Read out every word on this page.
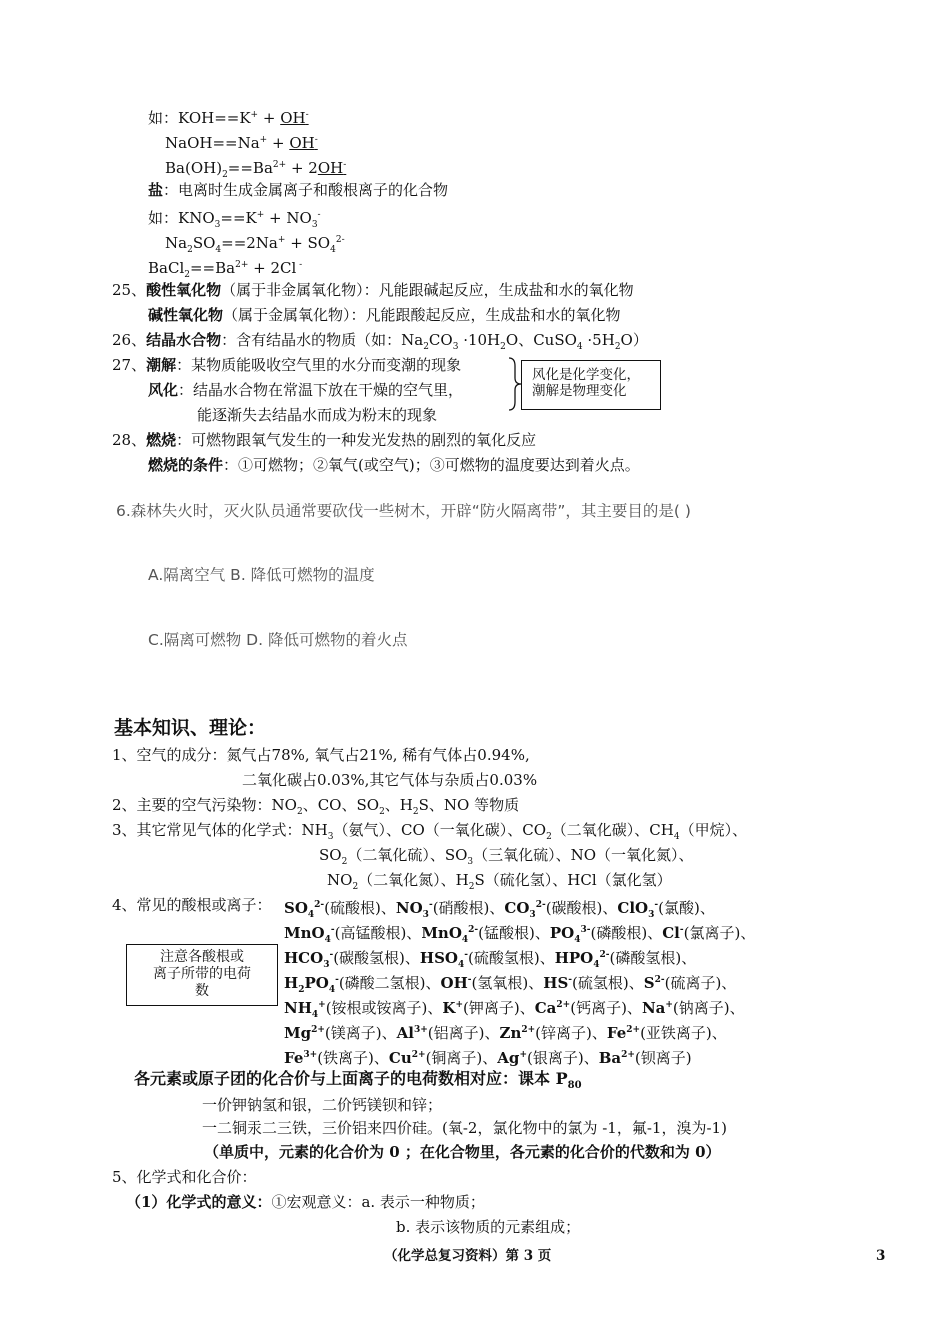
如：KOH==K+ + OH-
NaOH==Na+ + OH-
$Ba(OH)_2==Ba^{2+} + 2OH^-$
盐：电离时生成金属离子和酸根离子的化合物
如：$KNO_3==K^+ + NO_3^-$
$Na_2SO_4==2Na^+ + SO_4^{2-}$
$BaCl_2==Ba^{2+} + 2Cl$ -
25、酸性氧化物（属于非金属氧化物）：凡能跟碱起反应，生成盐和水的氧化物
碱性氧化物（属于金属氧化物）：凡能跟酸起反应，生成盐和水的氧化物
26、结晶水合物：含有结晶水的物质（如：$Na_2CO_3 \cdot 10H_2O$、CuSO$_4$ $\cdot 5H_2O$）
27、潮解：某物质能吸收空气里的水分而变潮的现象
风化：结晶水合物在常温下放在干燥的空气里，
能逐渐失去结晶水而成为粉末的现象
风化是化学变化，
潮解是物理变化
28、燃烧：可燃物跟氧气发生的一种发光发热的剧烈的氧化反应
燃烧的条件：①可燃物；②氧气(或空气)；③可燃物的温度要达到着火点。
6.森林失火时，灭火队员通常要砍伐一些树木，开辟“防火隔离带”，其主要目的是( )
A.隔离空气 B. 降低可燃物的温度
C.隔离可燃物 D. 降低可燃物的着火点
基本知识、理论：
1、空气的成分：氮气占78%, 氧气占21%, 稀有气体占0.94%,
二氧化碳占0.03%,其它气体与杂质占0.03%
2、主要的空气污染物：$NO_2$、CO、$SO_2$、$H_2S$、NO 等物质
3、其它常见气体的化学式：$NH_3$（氨气）、CO（一氧化碳）、$CO_2$（二氧化碳）、$CH_4$（甲烷）、
$SO_2$（二氧化硫）、$SO_3$（三氧化硫）、NO（一氧化氮）、
$NO_2$（二氧化氮）、$H_2S$（硫化氢）、HCl（氯化氢）
4、常见的酸根或离子： $SO_4^{2-}$(硫酸根)、$NO_3^-$(硝酸根)、$CO_3^{2-}$(碳酸根)、ClO$_3$-(氯酸)、
MnO$_4$-(高锰酸根)、MnO$_4^{2-}$(锰酸根)、$PO_4^{3-}$(磷酸根)、Cl-(氯离子)、
$HCO_3^-$(碳酸氢根)、$HSO_4^-$(硫酸氢根)、$HPO_4^{2-}$(磷酸氢根)、
$H_2PO_4^-$(磷酸二氢根)、OH-(氢氧根)、HS-(硫氢根)、$S^{2-}$(硫离子)、
$NH_4^+$(铵根或铵离子)、K+(钾离子)、$Ca^{2+}$(钙离子)、Na+(钠离子)、
$Mg^{2+}$(镁离子)、$Al^{3+}$(铝离子)、$Zn^{2+}$(锌离子)、$Fe^{2+}$(亚铁离子)、
$Fe^{3+}$(铁离子)、$Cu^{2+}$(铜离子)、Ag+(银离子)、$Ba^{2+}$(钡离子)
注意各酸根或
离子所带的电荷
数
各元素或原子团的化合价与上面离子的电荷数相对应：课本 $P_{80}$
一价钾钠氢和银，二价钙镁钡和锌；
一二铜汞二三铁，三价铝来四价硅。(氧-2，氯化物中的氯为 -1，氟-1，溴为-1)
（单质中，元素的化合价为 0 ；在化合物里，各元素的化合价的代数和为 0）
5、化学式和化合价：
（1）化学式的意义：①宏观意义：a. 表示一种物质；
b. 表示该物质的元素组成；
（化学总复习资料）第 3 页	3
